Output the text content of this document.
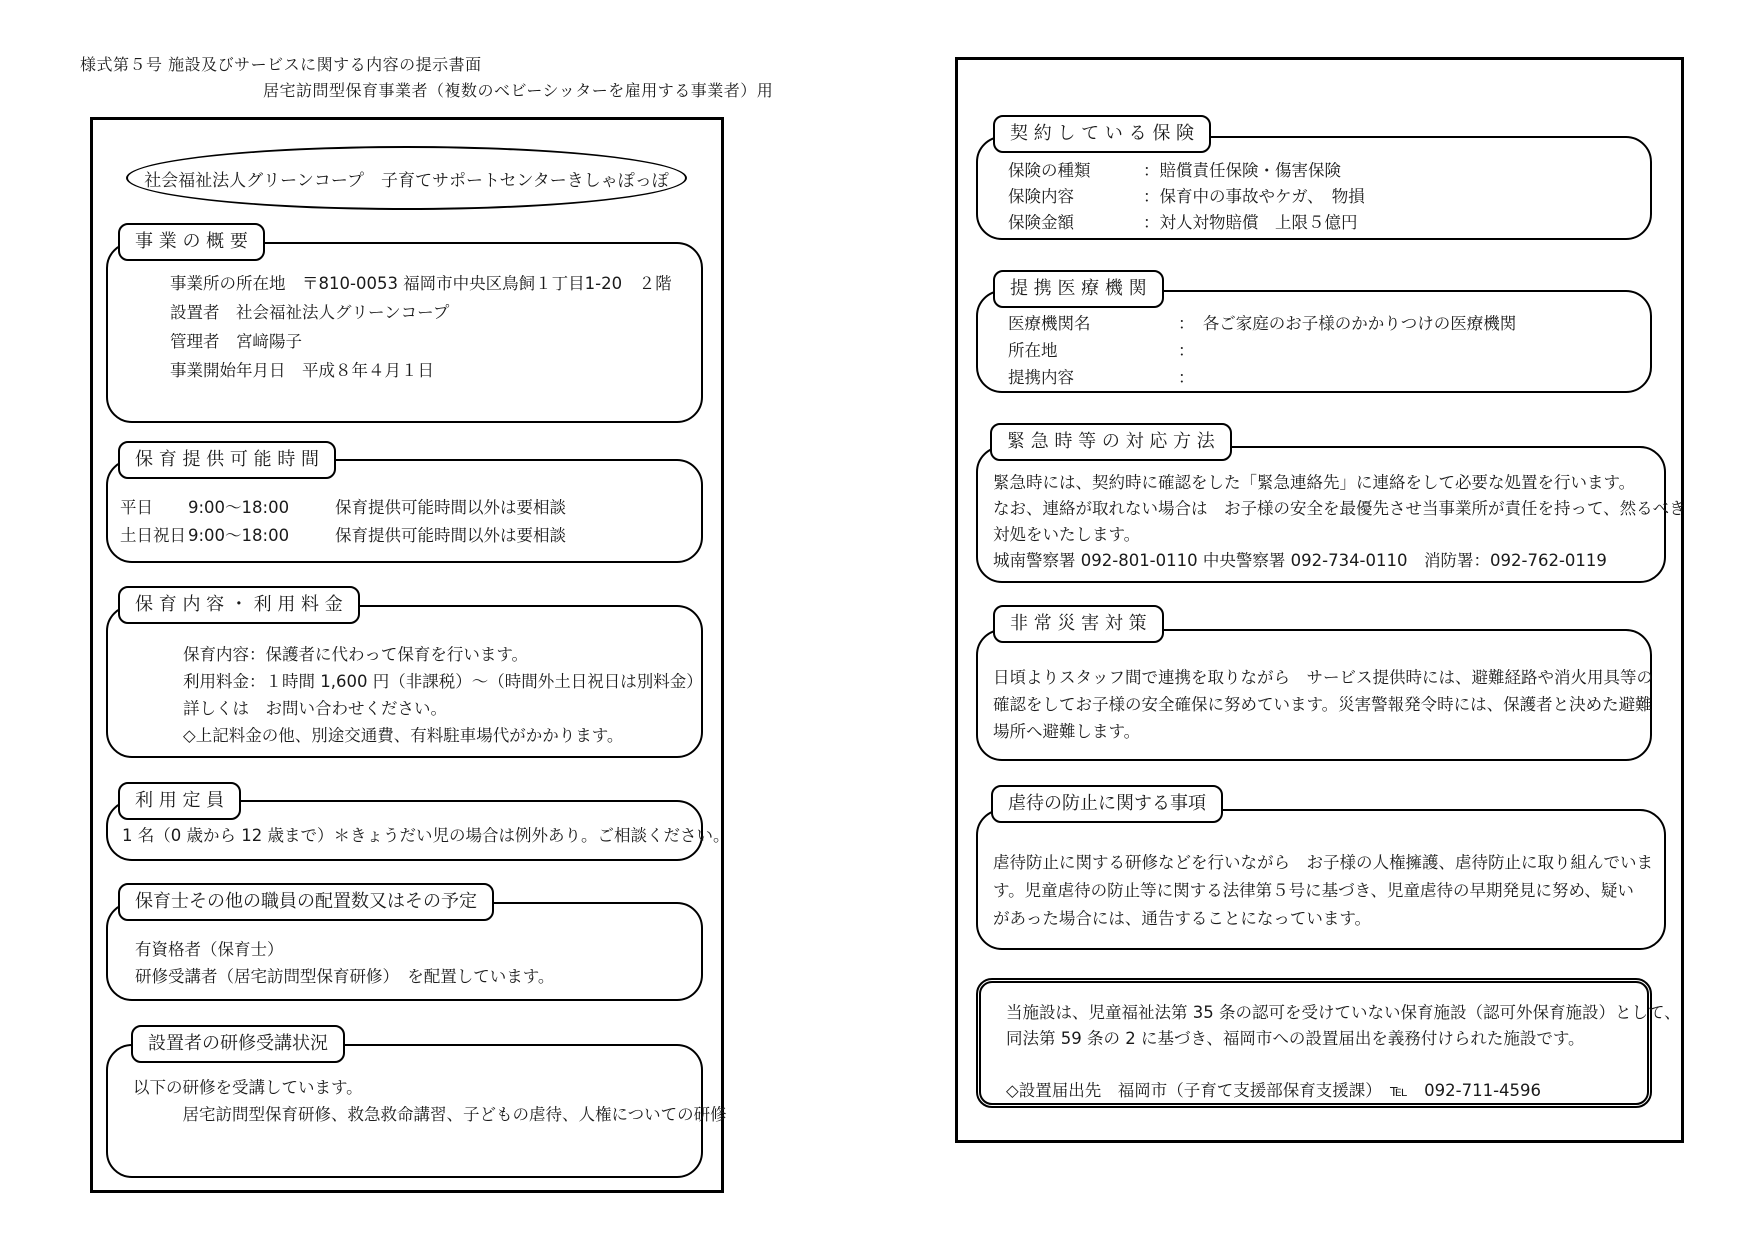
様式第５号 施設及びサービスに関する内容の提示書面
居宅訪問型保育事業者（複数のベビーシッターを雇用する事業者）用
社会福祉法人グリーンコープ　子育てサポートセンターきしゃぽっぽ
事 業 の 概 要
事業所の所在地　〒810-0053 福岡市中央区鳥飼１丁目1-20　２階
設置者　社会福祉法人グリーンコープ
管理者　宮﨑陽子
事業開始年月日　平成８年４月１日
保 育 提 供 可 能 時 間
平日	9:00～18:00	保育提供可能時間以外は要相談
土日祝日 9:00～18:00	保育提供可能時間以外は要相談
保 育 内 容 ・ 利 用 料 金
保育内容：保護者に代わって保育を行います。
利用料金：１時間 1,600 円（非課税）～（時間外土日祝日は別料金）
詳しくは　お問い合わせください。
◇上記料金の他、別途交通費、有料駐車場代がかかります。
利 用 定 員
1 名（0 歳から 12 歳まで）＊きょうだい児の場合は例外あり。ご相談ください。
保育士その他の職員の配置数又はその予定
有資格者（保育士）
研修受講者（居宅訪問型保育研修）　を配置しています。
設置者の研修受講状況
以下の研修を受講しています。
　　　居宅訪問型保育研修、救急救命講習、子どもの虐待、人権についての研修
契 約 し て い る 保 険
保険の種類	：賠償責任保険・傷害保険
保険内容	：保育中の事故やケガ、　物損
保険金額	：対人対物賠償　上限５億円
提 携 医 療 機 関
医療機関名	：　各ご家庭のお子様のかかりつけの医療機関
所在地	：
提携内容	：
緊 急 時 等 の 対 応 方 法
緊急時には、契約時に確認をした「緊急連絡先」に連絡をして必要な処置を行います。
なお、連絡が取れない場合は　お子様の安全を最優先させ当事業所が責任を持って、然るべき
対処をいたします。
城南警察署 092-801-0110 中央警察署 092-734-0110　消防署：092-762-0119
非 常 災 害 対 策
日頃よりスタッフ間で連携を取りながら　サービス提供時には、避難経路や消火用具等の
確認をしてお子様の安全確保に努めています。災害警報発令時には、保護者と決めた避難
場所へ避難します。
虐待の防止に関する事項
虐待防止に関する研修などを行いながら　お子様の人権擁護、虐待防止に取り組んでいま
す。児童虐待の防止等に関する法律第５号に基づき、児童虐待の早期発見に努め、疑い
があった場合には、通告することになっています。
当施設は、児童福祉法第 35 条の認可を受けていない保育施設（認可外保育施設）として、
同法第 59 条の 2 に基づき、福岡市への設置届出を義務付けられた施設です。
◇設置届出先　福岡市（子育て支援部保育支援課）　℡　092-711-4596
